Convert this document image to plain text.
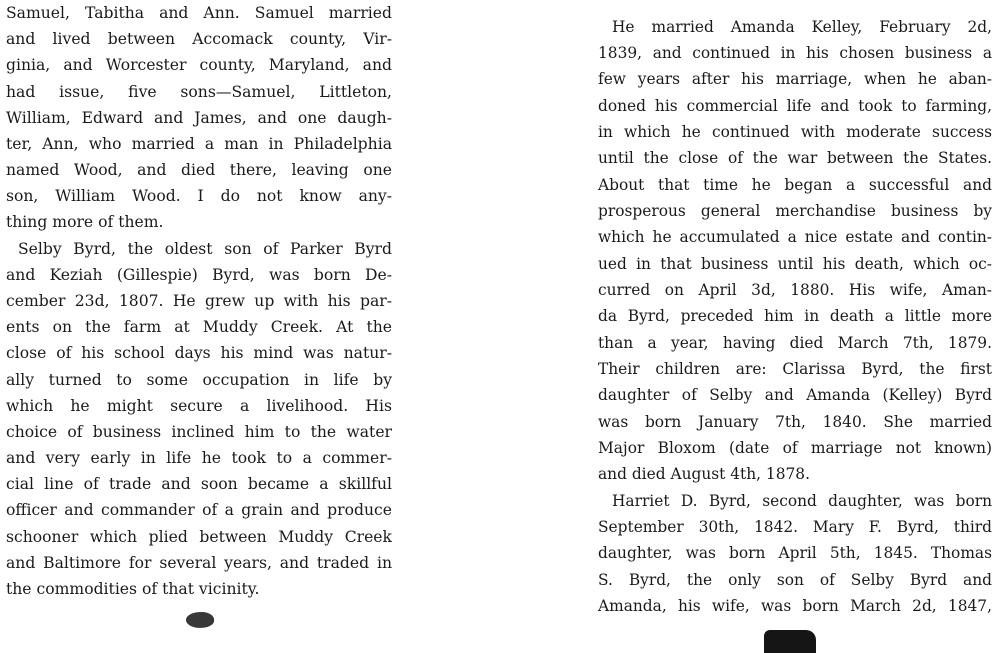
Samuel, Tabitha and Ann. Samuel married
and lived between Accomack county, Vir-
ginia, and Worcester county, Maryland, and
had issue, five sons—Samuel, Littleton,
William, Edward and James, and one daugh-
ter, Ann, who married a man in Philadelphia
named Wood, and died there, leaving one
son, William Wood. I do not know any-
thing more of them.
Selby Byrd, the oldest son of Parker Byrd
and Keziah (Gillespie) Byrd, was born De-
cember 23d, 1807. He grew up with his par-
ents on the farm at Muddy Creek. At the
close of his school days his mind was natur-
ally turned to some occupation in life by
which he might secure a livelihood. His
choice of business inclined him to the water
and very early in life he took to a commer-
cial line of trade and soon became a skillful
officer and commander of a grain and produce
schooner which plied between Muddy Creek
and Baltimore for several years, and traded in
the commodities of that vicinity.
He married Amanda Kelley, February 2d,
1839, and continued in his chosen business a
few years after his marriage, when he aban-
doned his commercial life and took to farming,
in which he continued with moderate success
until the close of the war between the States.
About that time he began a successful and
prosperous general merchandise business by
which he accumulated a nice estate and contin-
ued in that business until his death, which oc-
curred on April 3d, 1880. His wife, Aman-
da Byrd, preceded him in death a little more
than a year, having died March 7th, 1879.
Their children are: Clarissa Byrd, the first
daughter of Selby and Amanda (Kelley) Byrd
was born January 7th, 1840. She married
Major Bloxom (date of marriage not known)
and died August 4th, 1878.
Harriet D. Byrd, second daughter, was born
September 30th, 1842. Mary F. Byrd, third
daughter, was born April 5th, 1845. Thomas
S. Byrd, the only son of Selby Byrd and
Amanda, his wife, was born March 2d, 1847,
